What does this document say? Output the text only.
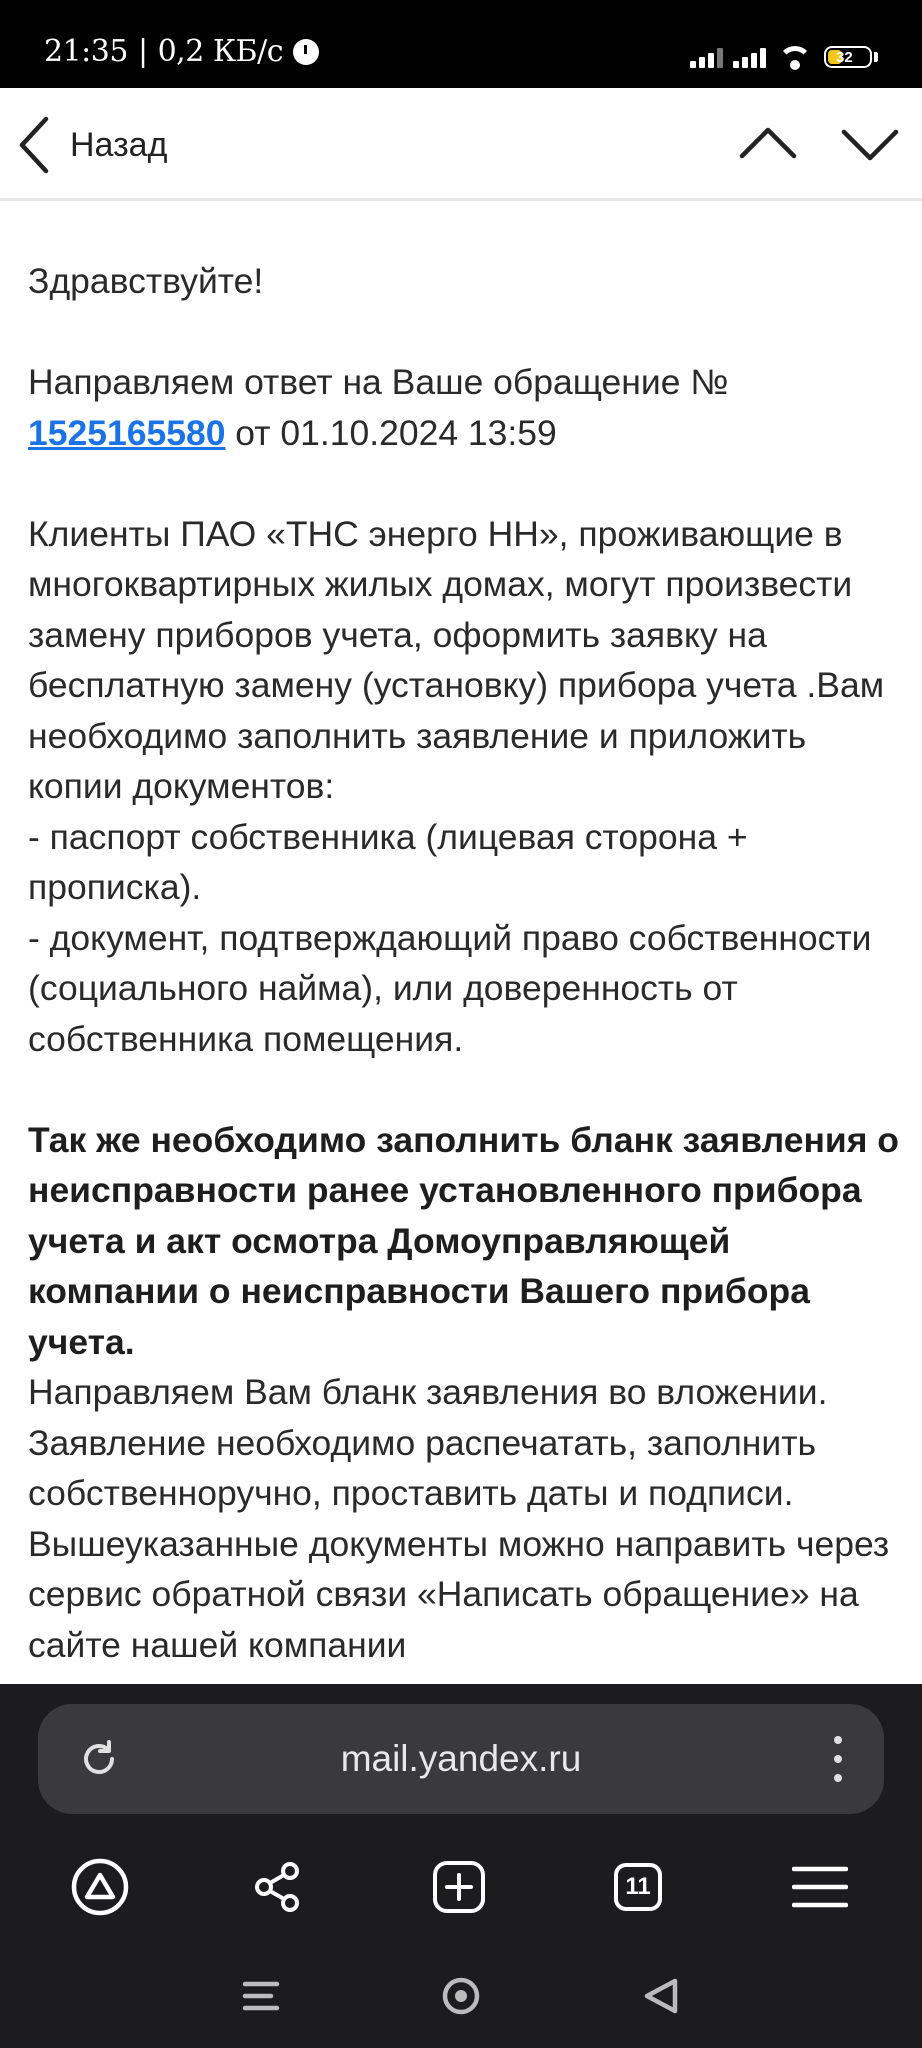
21:35 | 0,2 КБ/с	32
Назад

Здравствуйте!

Направляем ответ на Ваше обращение №
1525165580 от 01.10.2024 13:59

Клиенты ПАО «ТНС энерго НН», проживающие в многоквартирных жилых домах, могут произвести замену приборов учета, оформить заявку на бесплатную замену (установку) прибора учета .Вам необходимо заполнить заявление и приложить копии документов:

- паспорт собственника (лицевая сторона + прописка).

- документ, подтверждающий право собственности (социального найма), или доверенность от собственника помещения.

Так же необходимо заполнить бланк заявления о неисправности ранее установленного прибора учета и акт осмотра Домоуправляющей компании о неисправности Вашего прибора учета.

Направляем Вам бланк заявления во вложении. Заявление необходимо распечатать, заполнить собственноручно, проставить даты и подписи. Вышеуказанные документы можно направить через сервис обратной связи «Написать обращение» на сайте нашей компании

mail.yandex.ru
11
